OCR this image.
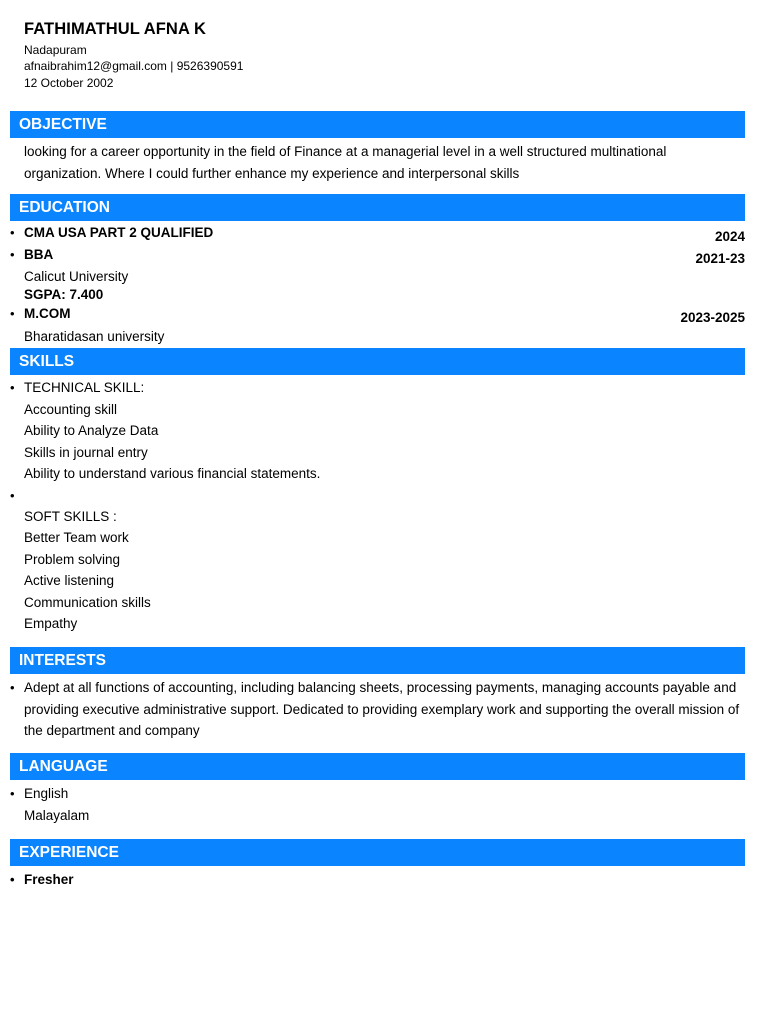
FATHIMATHUL AFNA K
Nadapuram
afnaibrahim12@gmail.com | 9526390591
12 October 2002
OBJECTIVE
looking for a career opportunity in the field of Finance at a managerial level in a well structured multinational organization. Where I could further enhance my experience and interpersonal skills
EDUCATION
• CMA USA PART 2 QUALIFIED	2024
• BBA	2021-23
Calicut University
SGPA: 7.400
• M.COM	2023-2025
Bharatidasan university
SKILLS
• TECHNICAL SKILL:
Accounting skill
Ability to Analyze Data
Skills in journal entry
Ability to understand various financial statements.
• SOFT SKILLS :
Better Team work
Problem solving
Active listening
Communication skills
Empathy
INTERESTS
• Adept at all functions of accounting, including balancing sheets, processing payments, managing accounts payable and providing executive administrative support. Dedicated to providing exemplary work and supporting the overall mission of the department and company
LANGUAGE
• English
Malayalam
EXPERIENCE
• Fresher
